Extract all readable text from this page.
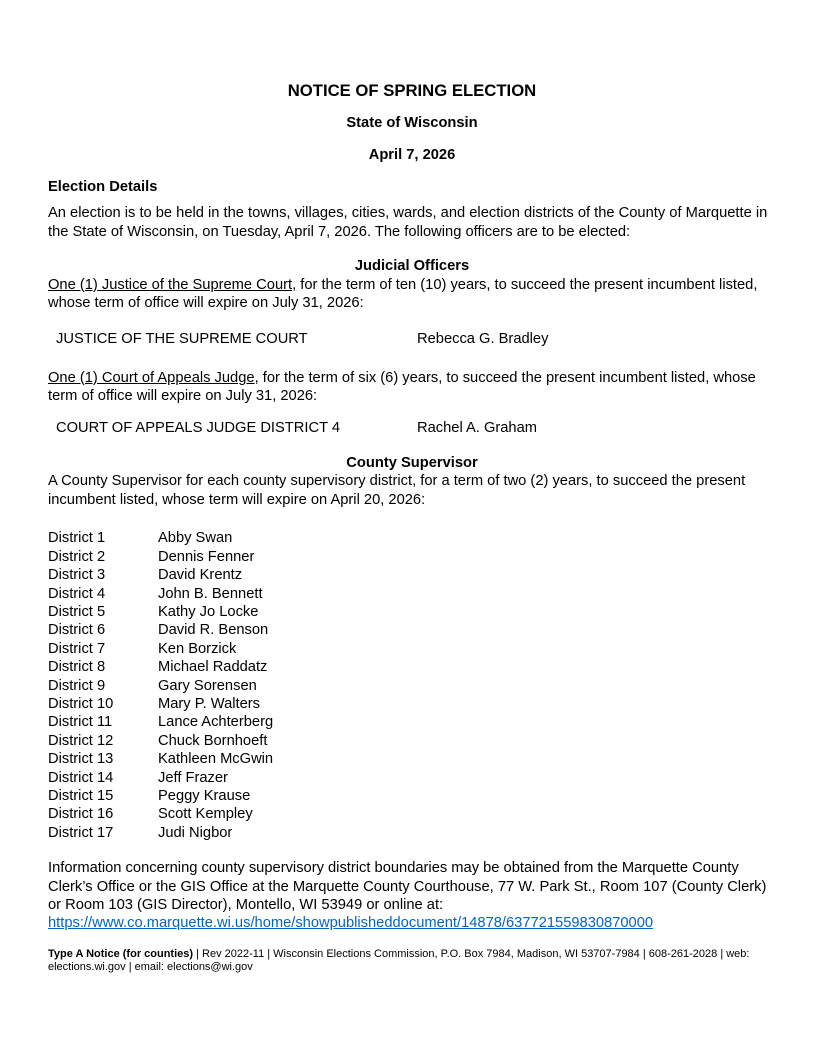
NOTICE OF SPRING ELECTION
State of Wisconsin
April 7, 2026
Election Details

An election is to be held in the towns, villages, cities, wards, and election districts of the County of Marquette in the State of Wisconsin, on Tuesday, April 7, 2026. The following officers are to be elected:

Judicial Officers

One (1) Justice of the Supreme Court, for the term of ten (10) years, to succeed the present incumbent listed, whose term of office will expire on July 31, 2026:

JUSTICE OF THE SUPREME COURT	Rebecca G. Bradley

One (1) Court of Appeals Judge, for the term of six (6) years, to succeed the present incumbent listed, whose term of office will expire on July 31, 2026:

COURT OF APPEALS JUDGE DISTRICT 4	Rachel A. Graham
County Supervisor

A County Supervisor for each county supervisory district, for a term of two (2) years, to succeed the present incumbent listed, whose term will expire on April 20, 2026:

District 1	Abby Swan
District 2	Dennis Fenner
District 3	David Krentz
District 4	John B. Bennett
District 5	Kathy Jo Locke
District 6	David R. Benson
District 7	Ken Borzick
District 8	Michael Raddatz
District 9	Gary Sorensen
District 10	Mary P. Walters
District 11	Lance Achterberg
District 12	Chuck Bornhoeft
District 13	Kathleen McGwin
District 14	Jeff Frazer
District 15	Peggy Krause
District 16	Scott Kempley
District 17	Judi Nigbor

Information concerning county supervisory district boundaries may be obtained from the Marquette County Clerk’s Office or the GIS Office at the Marquette County Courthouse, 77 W. Park St., Room 107 (County Clerk) or Room 103 (GIS Director), Montello, WI 53949 or online at:
https://www.co.marquette.wi.us/home/showpublisheddocument/14878/637721559830870000

Type A Notice (for counties) | Rev 2022-11 | Wisconsin Elections Commission, P.O. Box 7984, Madison, WI 53707-7984 | 608-261-2028 | web: elections.wi.gov | email: elections@wi.gov
